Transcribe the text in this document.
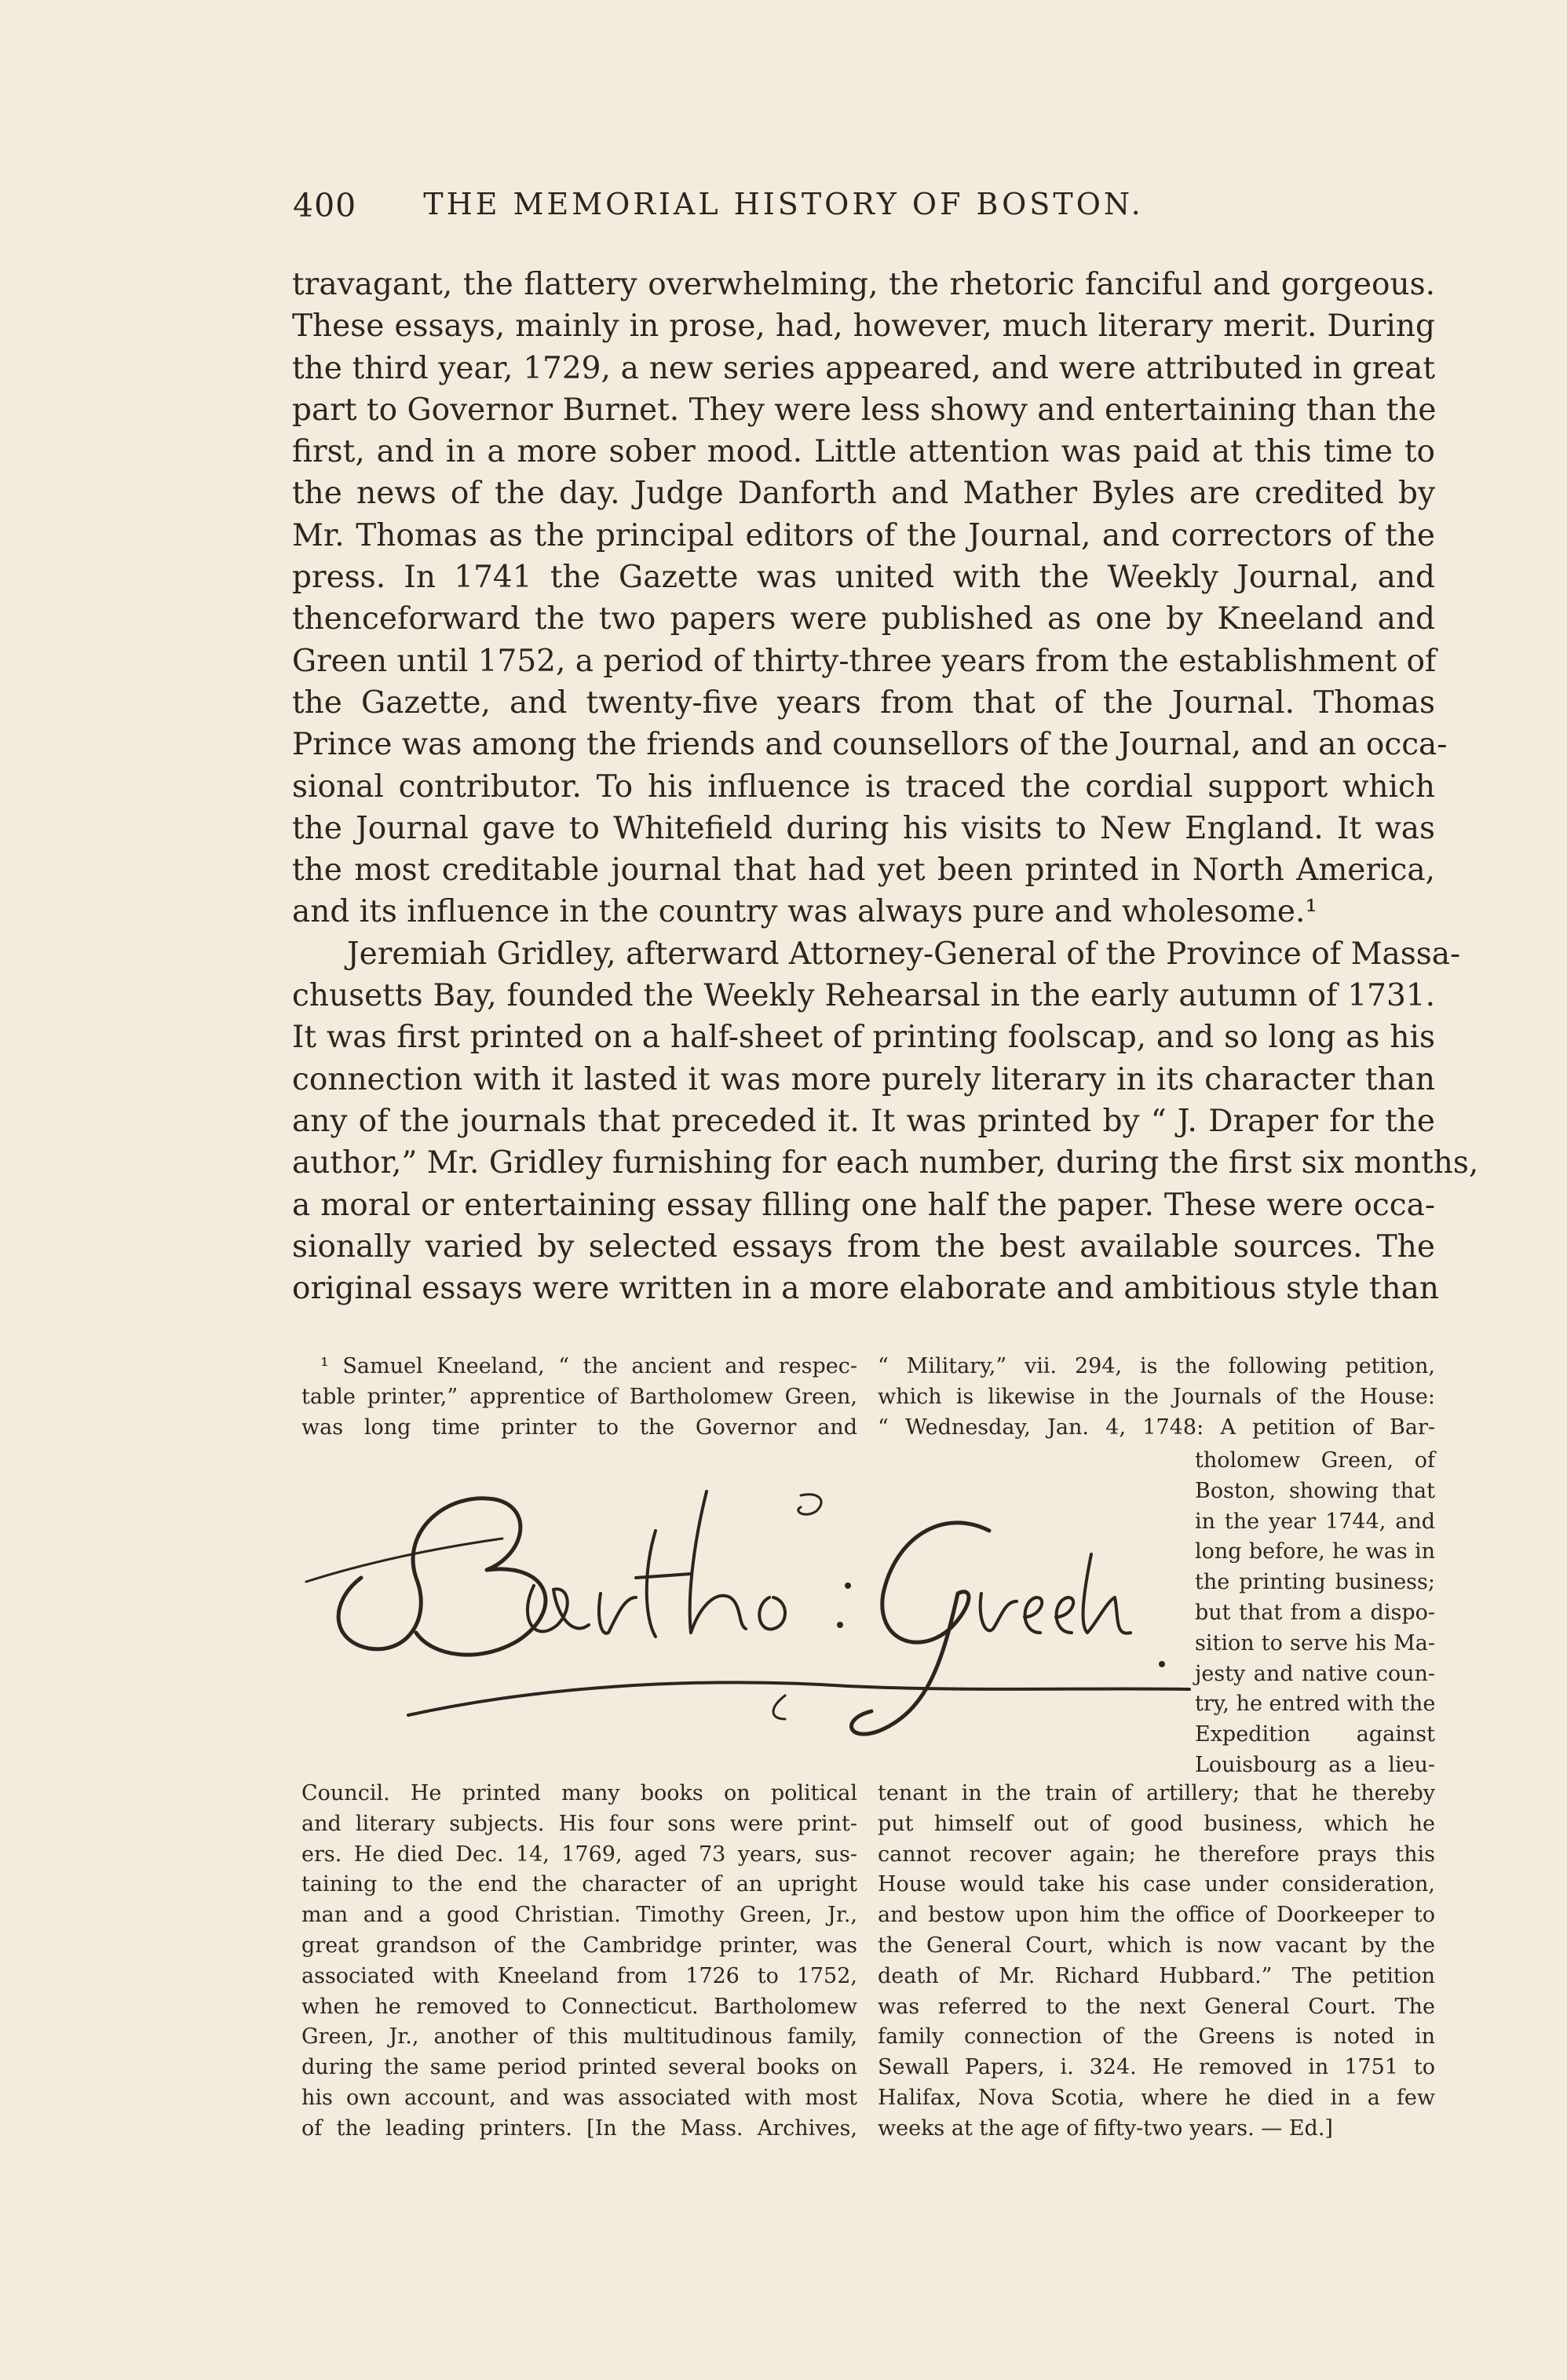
400	THE MEMORIAL HISTORY OF BOSTON.
travagant, the flattery overwhelming, the rhetoric fanciful and gorgeous.
These essays, mainly in prose, had, however, much literary merit. During
the third year, 1729, a new series appeared, and were attributed in great
part to Governor Burnet. They were less showy and entertaining than the
first, and in a more sober mood. Little attention was paid at this time to
the news of the day. Judge Danforth and Mather Byles are credited by
Mr. Thomas as the principal editors of the Journal, and correctors of the
press. In 1741 the Gazette was united with the Weekly Journal, and
thenceforward the two papers were published as one by Kneeland and
Green until 1752, a period of thirty-three years from the establishment of
the Gazette, and twenty-five years from that of the Journal. Thomas
Prince was among the friends and counsellors of the Journal, and an occa-
sional contributor. To his influence is traced the cordial support which
the Journal gave to Whitefield during his visits to New England. It was
the most creditable journal that had yet been printed in North America,
and its influence in the country was always pure and wholesome.¹
Jeremiah Gridley, afterward Attorney-General of the Province of Massa-
chusetts Bay, founded the Weekly Rehearsal in the early autumn of 1731.
It was first printed on a half-sheet of printing foolscap, and so long as his
connection with it lasted it was more purely literary in its character than
any of the journals that preceded it. It was printed by “ J. Draper for the
author,” Mr. Gridley furnishing for each number, during the first six months,
a moral or entertaining essay filling one half the paper. These were occa-
sionally varied by selected essays from the best available sources. The
original essays were written in a more elaborate and ambitious style than
¹ Samuel Kneeland, “ the ancient and respec-
table printer,” apprentice of Bartholomew Green,
was long time printer to the Governor and
“ Military,” vii. 294, is the following petition,
which is likewise in the Journals of the House:
“ Wednesday, Jan. 4, 1748: A petition of Bar-
tholomew Green, of
Boston, showing that
in the year 1744, and
long before, he was in
the printing business;
but that from a dispo-
sition to serve his Ma-
jesty and native coun-
try, he entred with the
Expedition against
Louisbourg as a lieu-
Council. He printed many books on political
and literary subjects. His four sons were print-
ers. He died Dec. 14, 1769, aged 73 years, sus-
taining to the end the character of an upright
man and a good Christian. Timothy Green, Jr.,
great grandson of the Cambridge printer, was
associated with Kneeland from 1726 to 1752,
when he removed to Connecticut. Bartholomew
Green, Jr., another of this multitudinous family,
during the same period printed several books on
his own account, and was associated with most
of the leading printers. [In the Mass. Archives,
tenant in the train of artillery; that he thereby
put himself out of good business, which he
cannot recover again; he therefore prays this
House would take his case under consideration,
and bestow upon him the office of Doorkeeper to
the General Court, which is now vacant by the
death of Mr. Richard Hubbard.” The petition
was referred to the next General Court. The
family connection of the Greens is noted in
Sewall Papers, i. 324. He removed in 1751 to
Halifax, Nova Scotia, where he died in a few
weeks at the age of fifty-two years. — Ed.]
